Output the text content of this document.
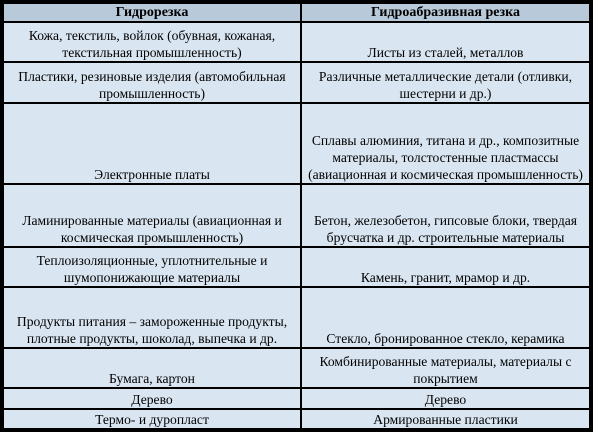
Гидрорезка	Гидроабразивная резка
Кожа, текстиль, войлок (обувная, кожаная, текстильная промышленность)	Листы из сталей, металлов
Пластики, резиновые изделия (автомобильная промышленность)	Различные металлические детали (отливки, шестерни и др.)
Электронные платы	Сплавы алюминия, титана и др., композитные материалы, толстостенные пластмассы (авиационная и космическая промышленность)
Ламинированные материалы (авиационная и космическая промышленность)	Бетон, железобетон, гипсовые блоки, твердая брусчатка и др. строительные материалы
Теплоизоляционные, уплотнительные и шумопонижающие материалы	Камень, гранит, мрамор и др.
Продукты питания – замороженные продукты, плотные продукты, шоколад, выпечка и др.	Стекло, бронированное стекло, керамика
Бумага, картон	Комбинированные материалы, материалы с покрытием
Дерево	Дерево
Термо- и дуропласт	Армированные пластики
